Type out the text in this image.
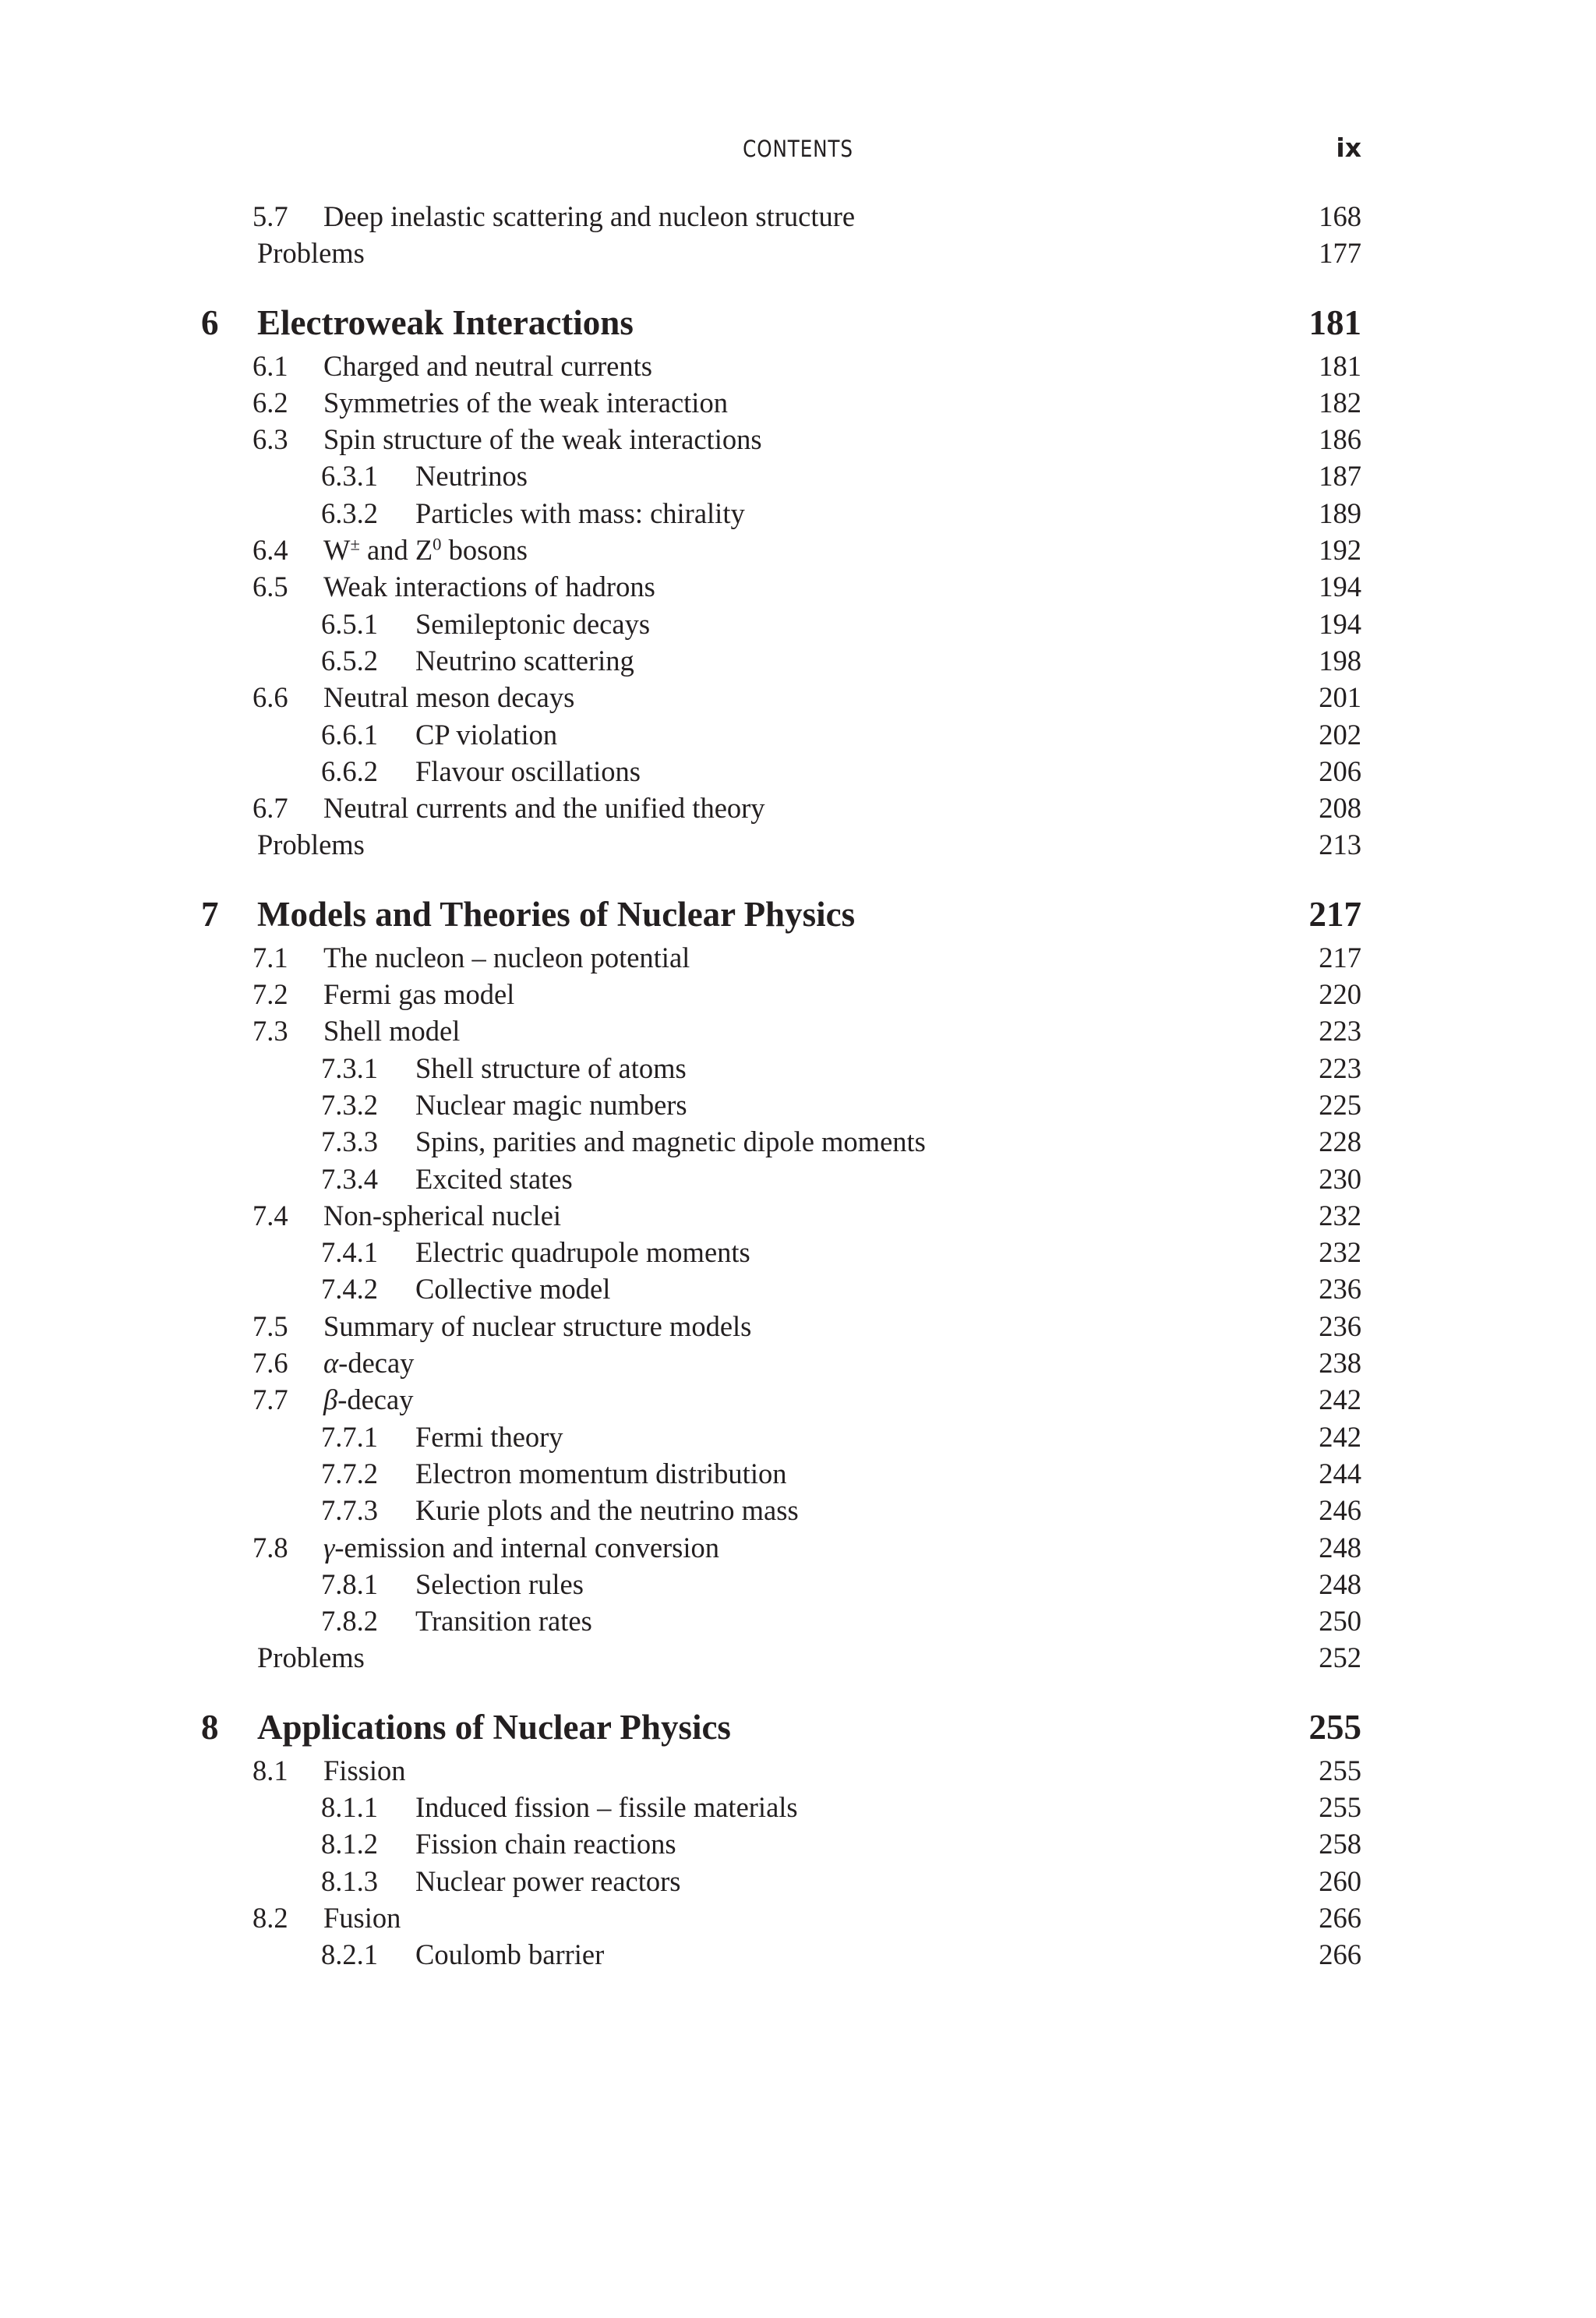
CONTENTS	ix
5.7 Deep inelastic scattering and nucleon structure	168
Problems	177
6 Electroweak Interactions	181
6.1 Charged and neutral currents	181
6.2 Symmetries of the weak interaction	182
6.3 Spin structure of the weak interactions	186
6.3.1 Neutrinos	187
6.3.2 Particles with mass: chirality	189
6.4 W± and $Z^0$ bosons	192
6.5 Weak interactions of hadrons	194
6.5.1 Semileptonic decays	194
6.5.2 Neutrino scattering	198
6.6 Neutral meson decays	201
6.6.1 CP violation	202
6.6.2 Flavour oscillations	206
6.7 Neutral currents and the unified theory	208
Problems	213
7 Models and Theories of Nuclear Physics	217
7.1 The nucleon – nucleon potential	217
7.2 Fermi gas model	220
7.3 Shell model	223
7.3.1 Shell structure of atoms	223
7.3.2 Nuclear magic numbers	225
7.3.3 Spins, parities and magnetic dipole moments	228
7.3.4 Excited states	230
7.4 Non-spherical nuclei	232
7.4.1 Electric quadrupole moments	232
7.4.2 Collective model	236
7.5 Summary of nuclear structure models	236
7.6 α-decay	238
7.7 β-decay	242
7.7.1 Fermi theory	242
7.7.2 Electron momentum distribution	244
7.7.3 Kurie plots and the neutrino mass	246
7.8 γ-emission and internal conversion	248
7.8.1 Selection rules	248
7.8.2 Transition rates	250
Problems	252
8 Applications of Nuclear Physics	255
8.1 Fission	255
8.1.1 Induced fission – fissile materials	255
8.1.2 Fission chain reactions	258
8.1.3 Nuclear power reactors	260
8.2 Fusion	266
8.2.1 Coulomb barrier	266
